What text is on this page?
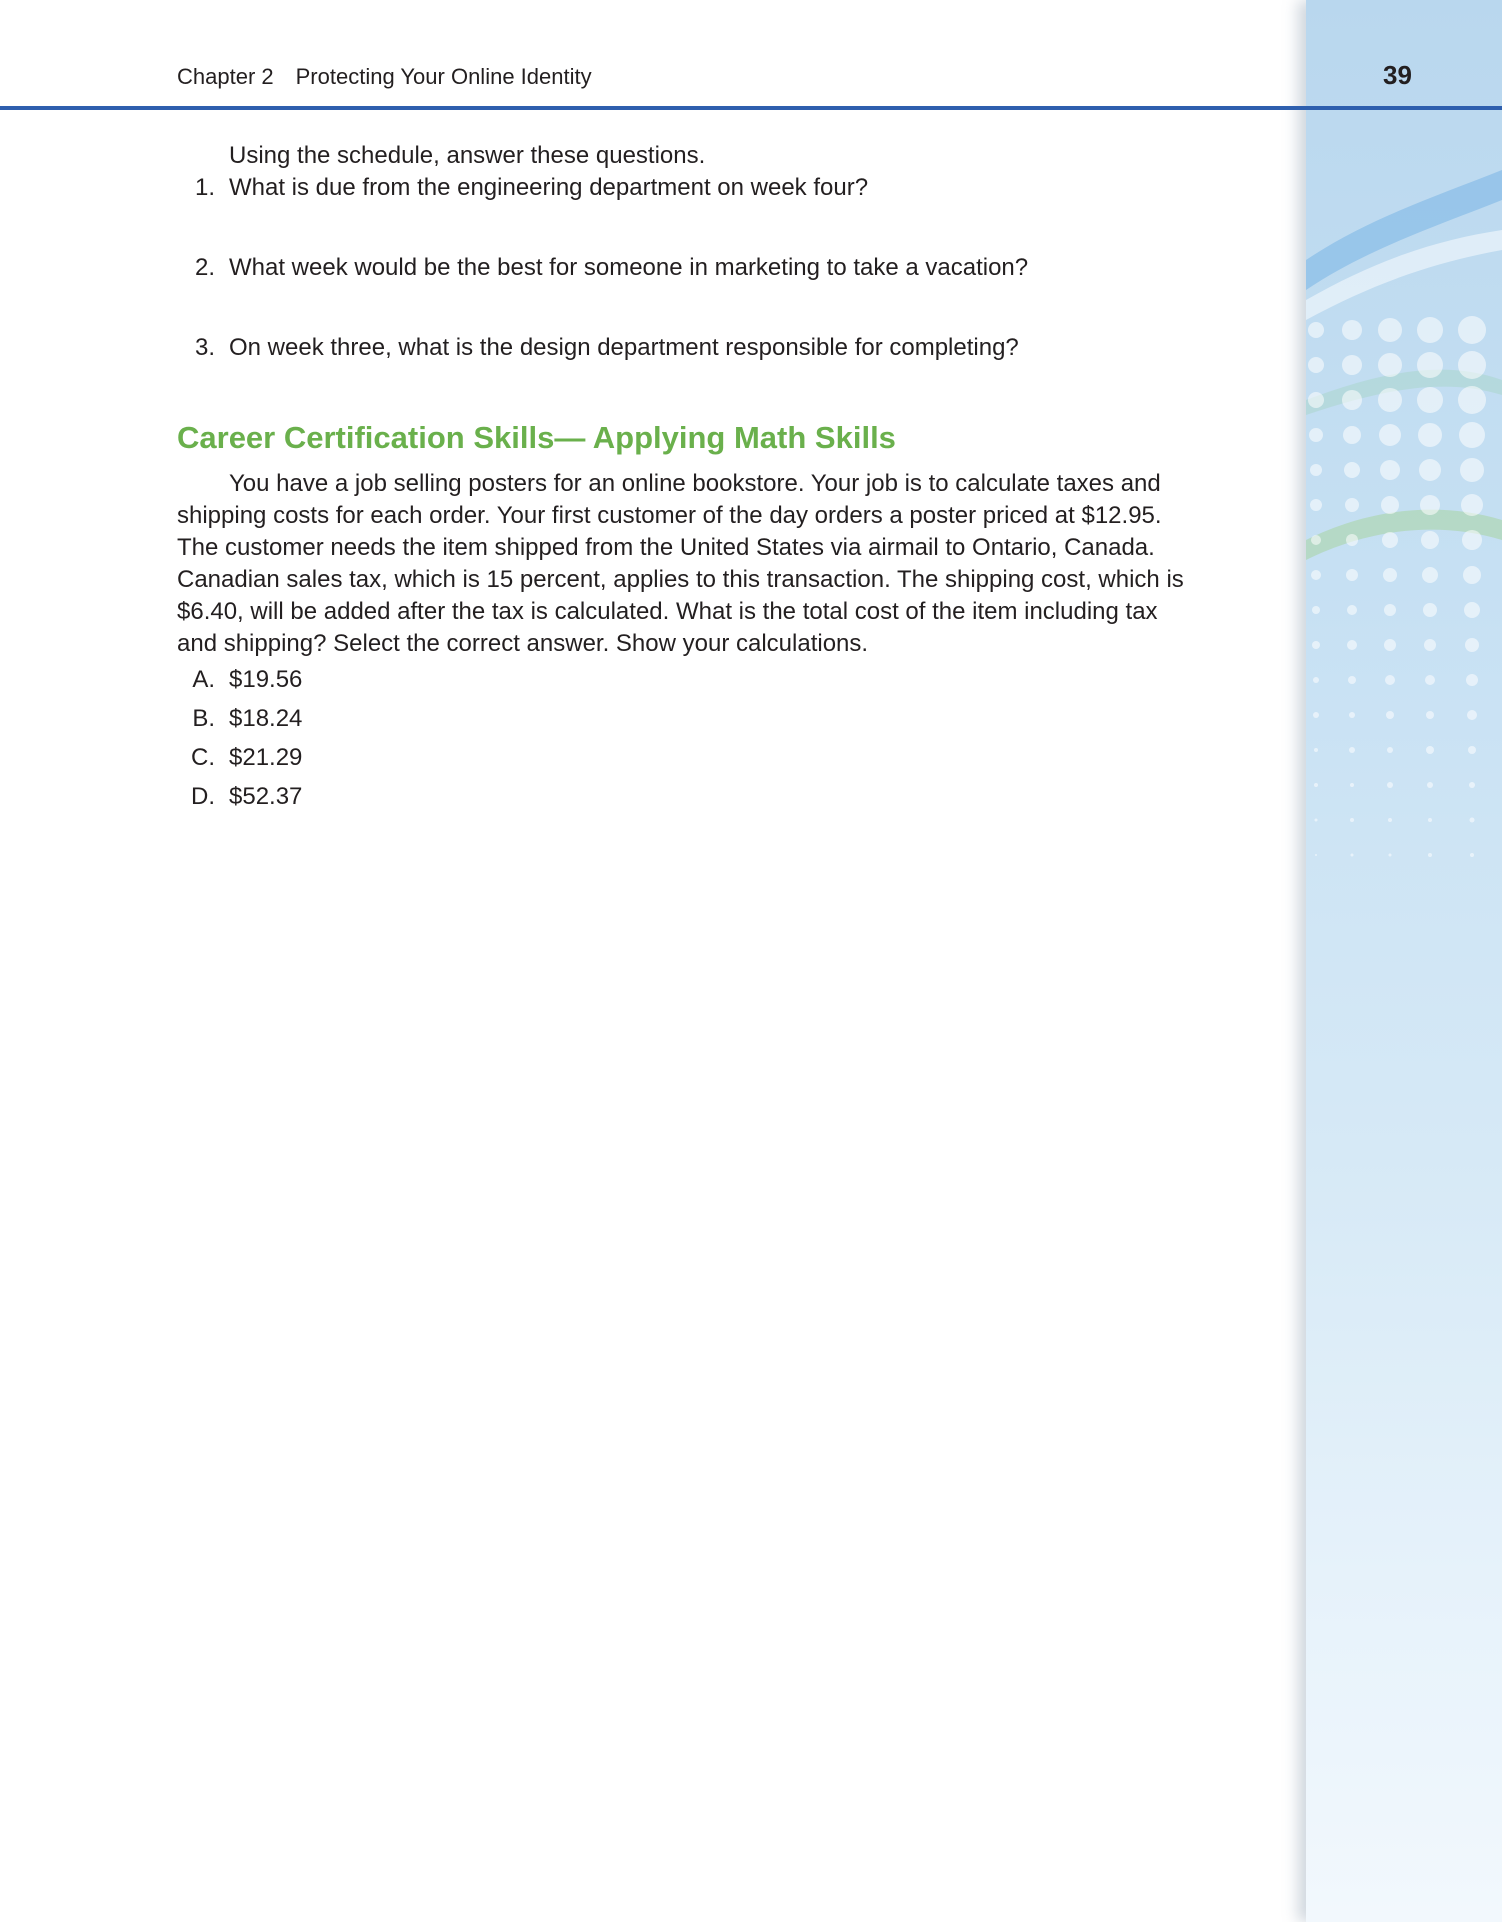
Chapter 2 Protecting Your Online Identity	39

Using the schedule, answer these questions.

1. What is due from the engineering department on week four?
2. What week would be the best for someone in marketing to take a vacation?
3. On week three, what is the design department responsible for completing?
Career Certification Skills— Applying Math Skills

You have a job selling posters for an online bookstore. Your job is to calculate taxes and shipping costs for each order. Your first customer of the day orders a poster priced at $12.95. The customer needs the item shipped from the United States via airmail to Ontario, Canada. Canadian sales tax, which is 15 percent, applies to this transaction. The shipping cost, which is $6.40, will be added after the tax is calculated. What is the total cost of the item including tax and shipping? Select the correct answer. Show your calculations.

A. $19.56
B. $18.24
C. $21.29
D. $52.37
